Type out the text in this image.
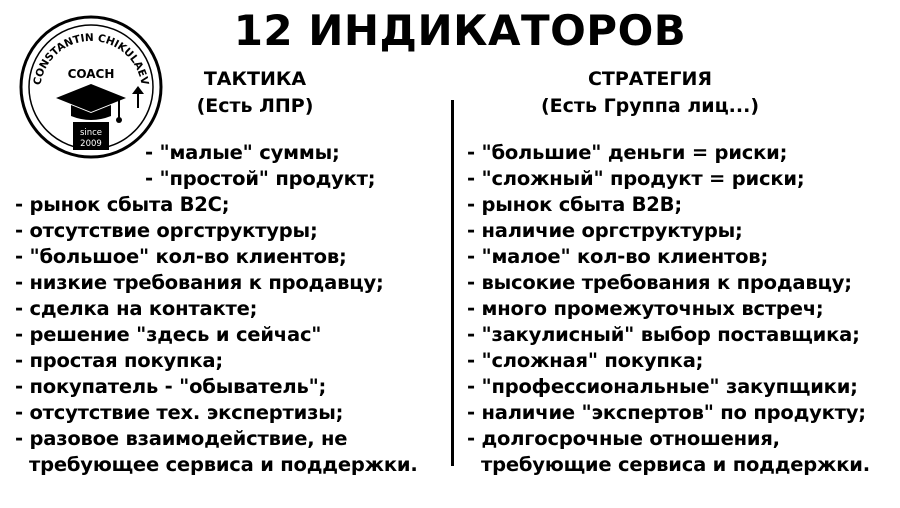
12 ИНДИКАТОРОВ
CONSTANTIN CHIKULAEV
COACH
since
2009
ТАКТИКА
(Есть ЛПР)
СТРАТЕГИЯ
(Есть Группа лиц...)
- "малые" суммы;
- "простой" продукт;
- рынок сбыта B2C;
- отсутствие оргструктуры;
- "большое" кол-во клиентов;
- низкие требования к продавцу;
- сделка на контакте;
- решение "здесь и сейчас"
- простая покупка;
- покупатель - "обыватель";
- отсутствие тех. экспертизы;
- разовое взаимодействие, не
требующее сервиса и поддержки.
- "большие" деньги = риски;
- "сложный" продукт = риски;
- рынок сбыта B2B;
- наличие оргструктуры;
- "малое" кол-во клиентов;
- высокие требования к продавцу;
- много промежуточных встреч;
- "закулисный" выбор поставщика;
- "сложная" покупка;
- "профессиональные" закупщики;
- наличие "экспертов" по продукту;
- долгосрочные отношения,
требующие сервиса и поддержки.
